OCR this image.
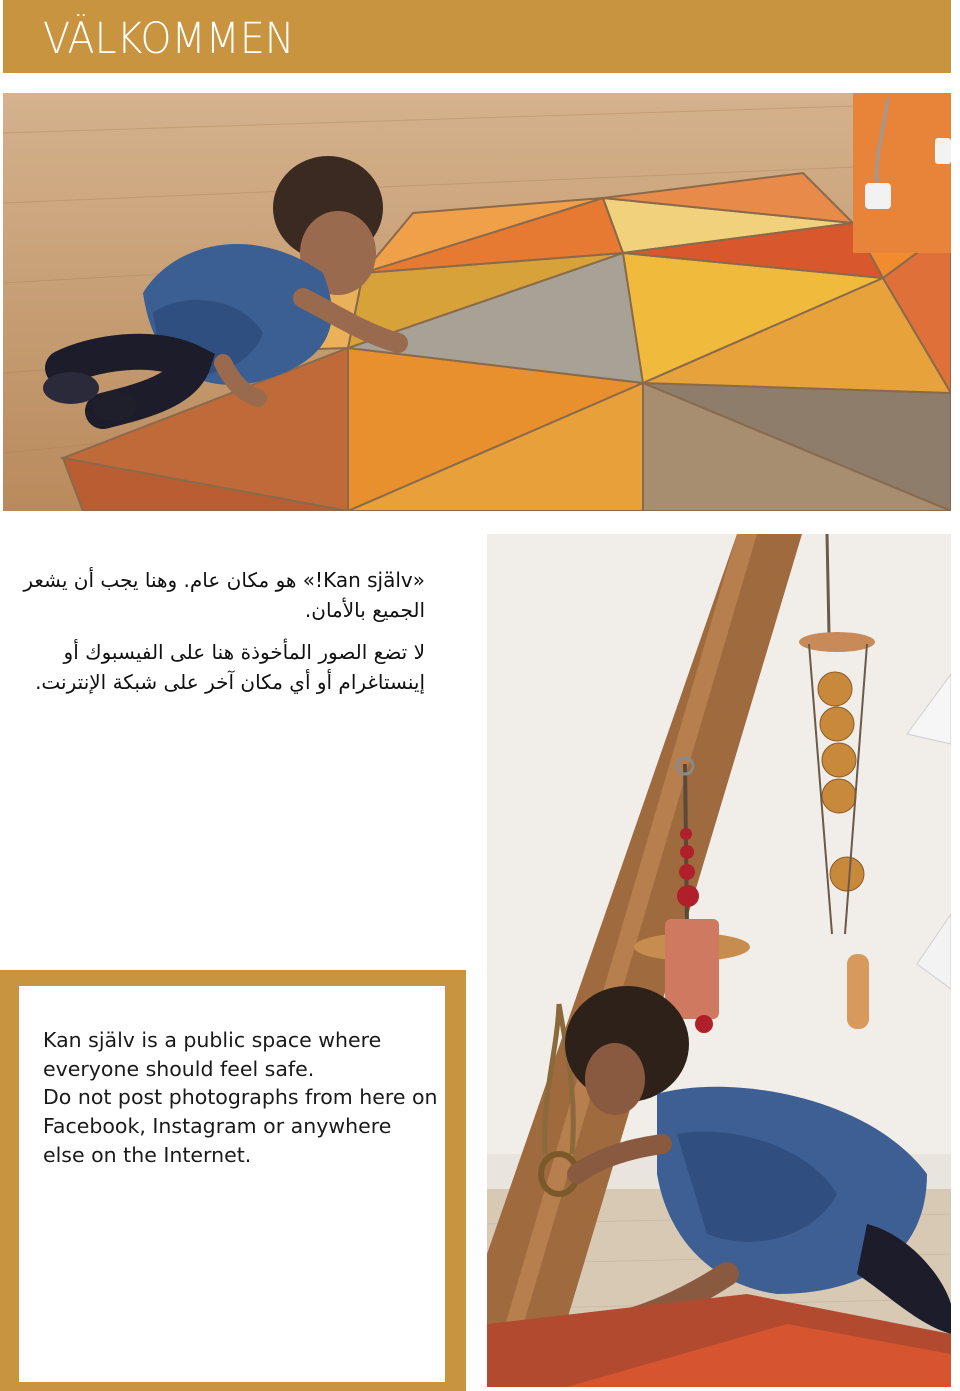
VÄLKOMMEN

«Kan själv!» هو مكان عام. وهنا يجب أن يشعر الجميع بالأمان.

لا تضع الصور المأخوذة هنا على الفيسبوك أو إينستاغرام أو أي مكان آخر على شبكة الإنترنت.

Kan själv is a public space where everyone should feel safe.

Do not post photographs from here on Facebook, Instagram or anywhere else on the Internet.
